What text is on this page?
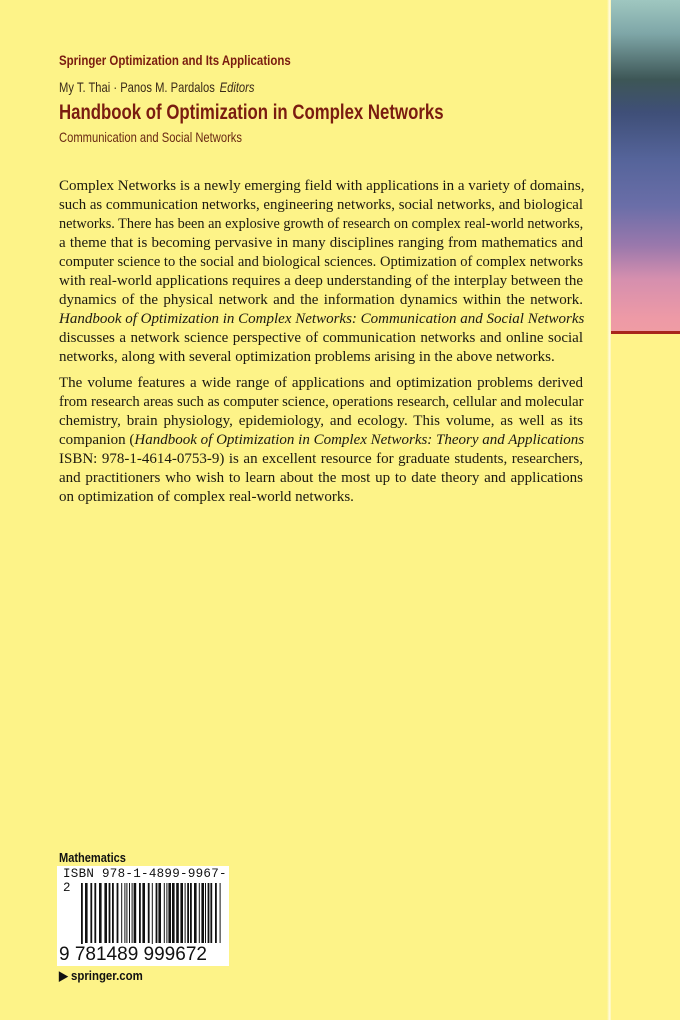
Springer Optimization and Its Applications
My T. Thai · Panos M. Pardalos Editors
Handbook of Optimization in Complex Networks
Communication and Social Networks
Complex Networks is a newly emerging field with applications in a variety of domains,
such as communication networks, engineering networks, social networks, and biological
networks. There has been an explosive growth of research on complex real-world networks,
a theme that is becoming pervasive in many disciplines ranging from mathematics and
computer science to the social and biological sciences. Optimization of complex networks
with real-world applications requires a deep understanding of the interplay between the
dynamics of the physical network and the information dynamics within the network.
Handbook of Optimization in Complex Networks: Communication and Social Networks
discusses a network science perspective of communication networks and online social
networks, along with several optimization problems arising in the above networks.
The volume features a wide range of applications and optimization problems derived
from research areas such as computer science, operations research, cellular and molecular
chemistry, brain physiology, epidemiology, and ecology. This volume, as well as its
companion (Handbook of Optimization in Complex Networks: Theory and Applications
ISBN: 978-1-4614-0753-9) is an excellent resource for graduate students, researchers,
and practitioners who wish to learn about the most up to date theory and applications
on optimization of complex real-world networks.
Mathematics
ISBN 978-1-4899-9967-2
9 781489 999672
▶ springer.com
